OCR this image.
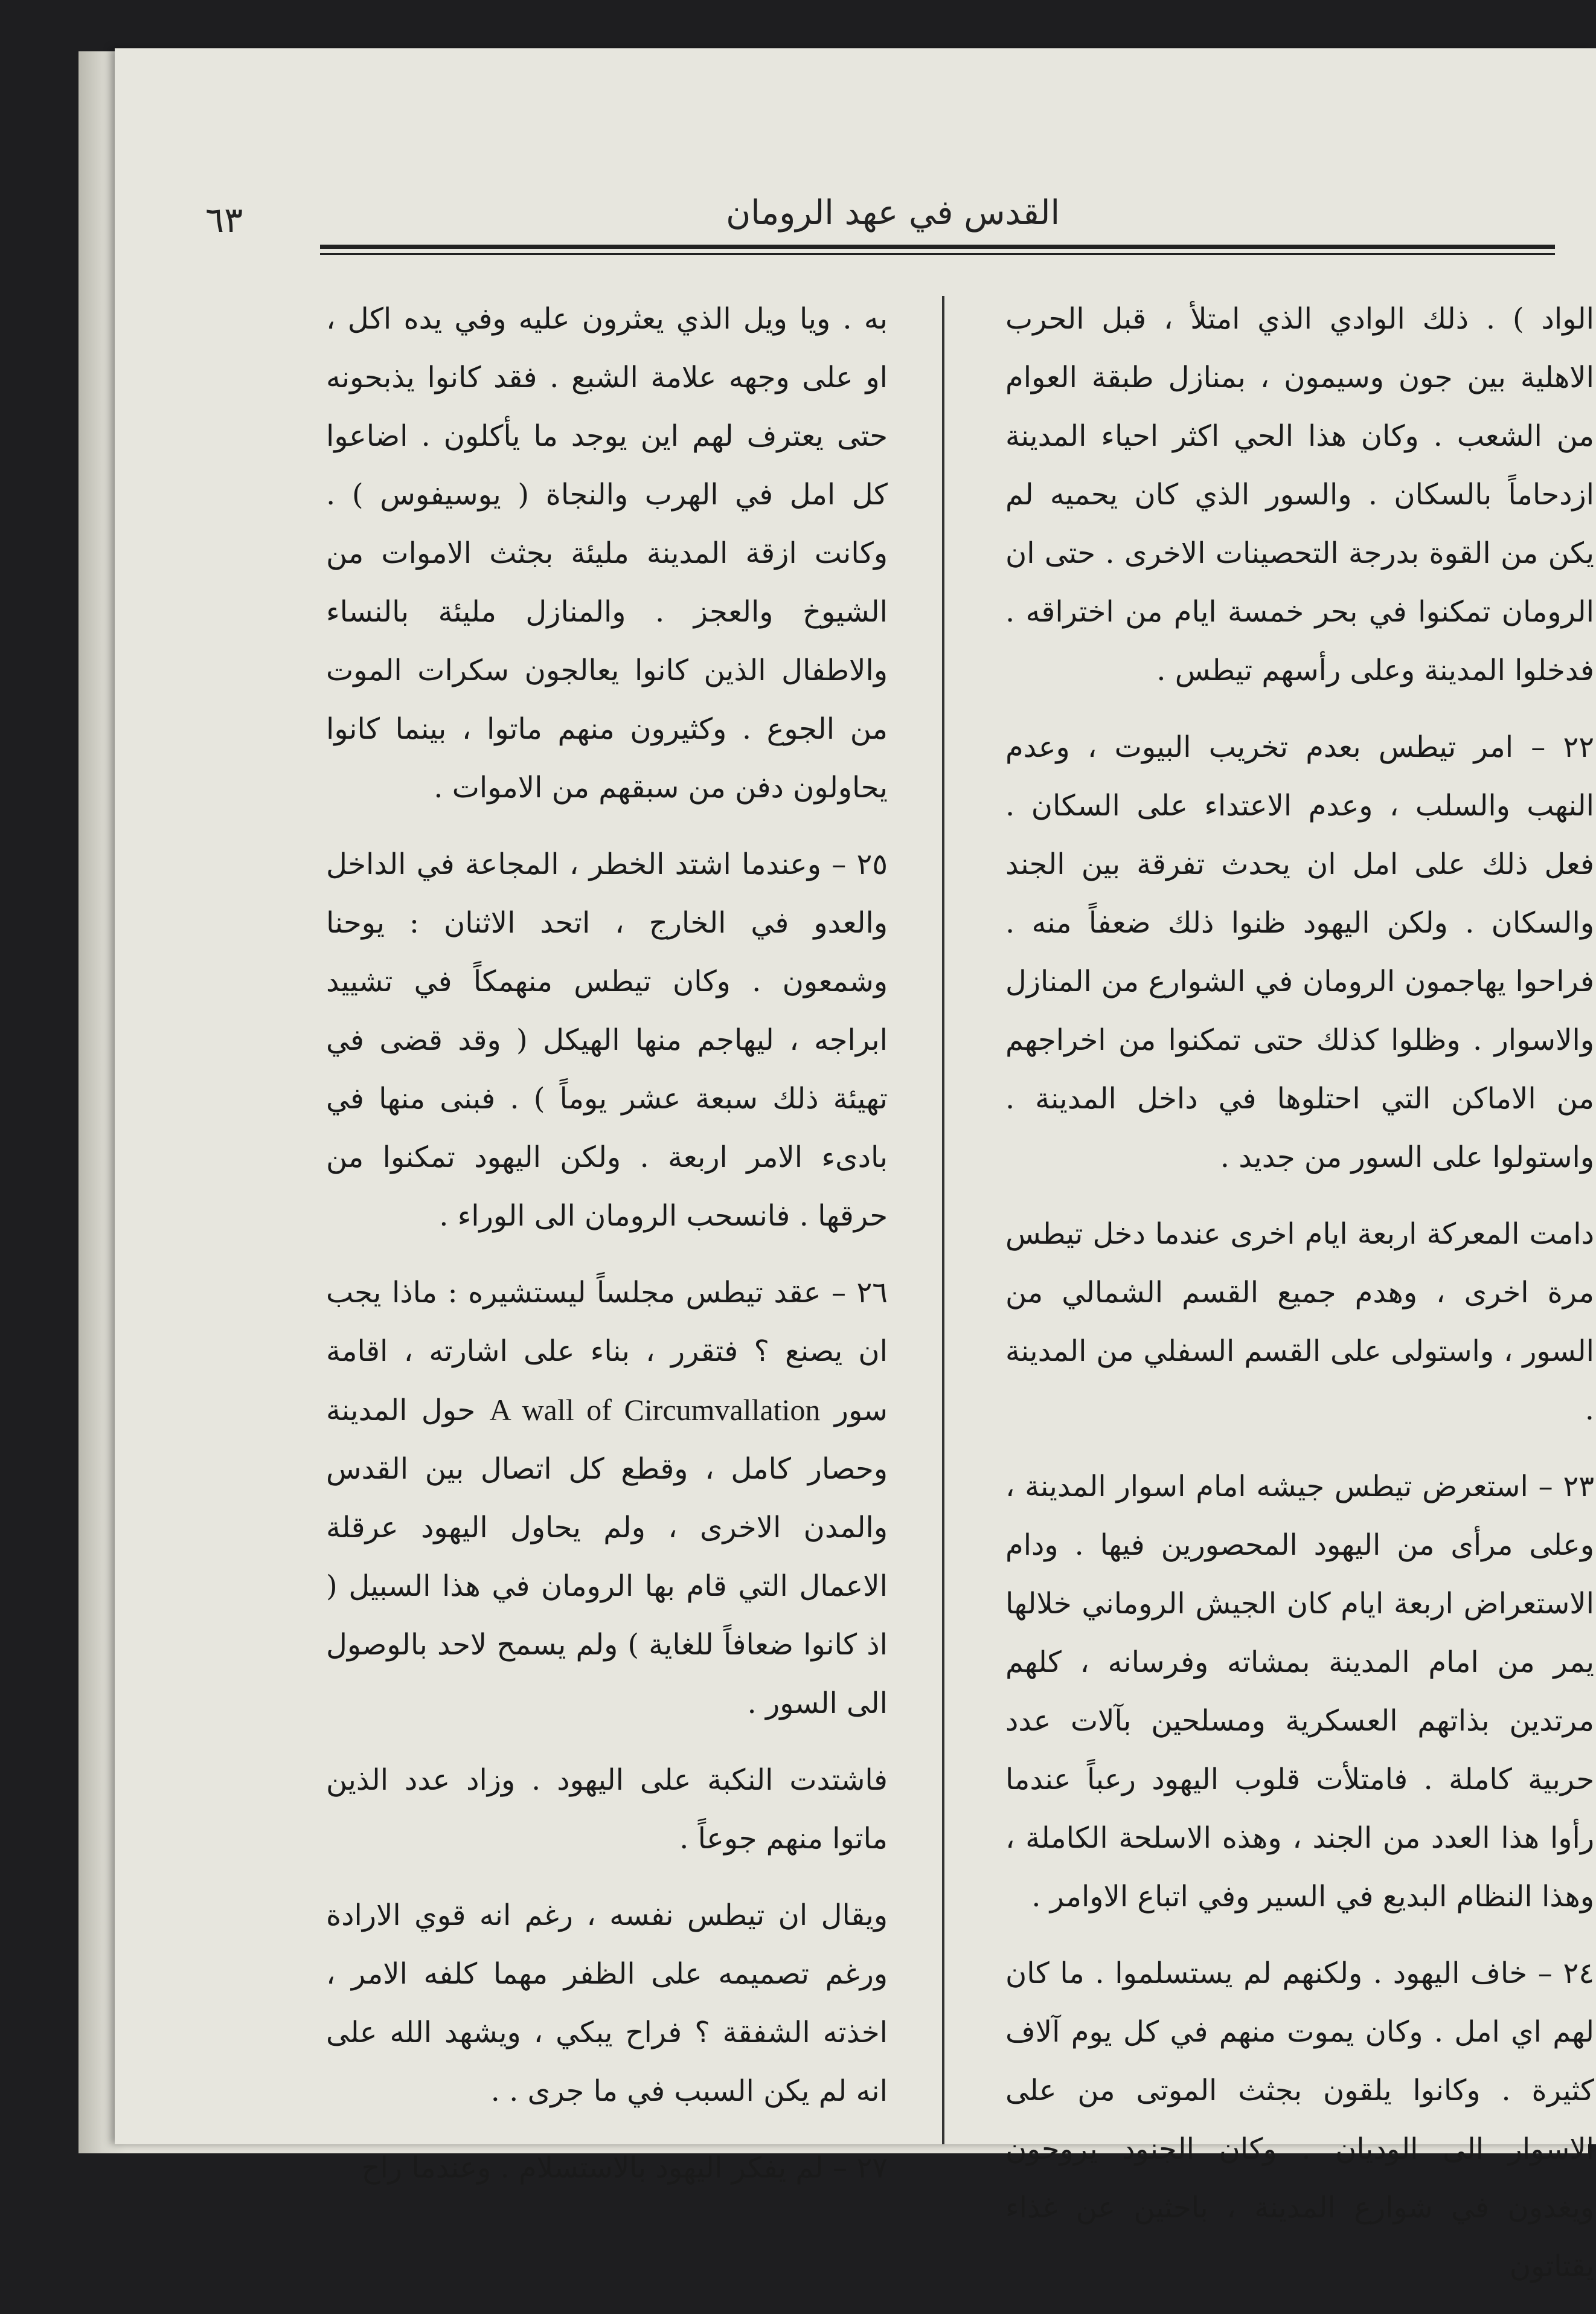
القدس في عهد الرومان
٦٣

الواد ) . ذلك الوادي الذي امتلأ ، قبل الحرب الاهلية بين جون وسيمون ، بمنازل طبقة العوام من الشعب . وكان هذا الحي اكثر احياء المدينة ازدحاماً بالسكان . والسور الذي كان يحميه لم يكن من القوة بدرجة التحصينات الاخرى . حتى ان الرومان تمكنوا في بحر خمسة ايام من اختراقه . فدخلوا المدينة وعلى رأسهم تيطس .

٢٢ – امر تيطس بعدم تخريب البيوت ، وعدم النهب والسلب ، وعدم الاعتداء على السكان . فعل ذلك على امل ان يحدث تفرقة بين الجند والسكان . ولكن اليهود ظنوا ذلك ضعفاً منه . فراحوا يهاجمون الرومان في الشوارع من المنازل والاسوار . وظلوا كذلك حتى تمكنوا من اخراجهم من الاماكن التي احتلوها في داخل المدينة . واستولوا على السور من جديد .

دامت المعركة اربعة ايام اخرى عندما دخل تيطس مرة اخرى ، وهدم جميع القسم الشمالي من السور ، واستولى على القسم السفلي من المدينة .

٢٣ – استعرض تيطس جيشه امام اسوار المدينة ، وعلى مرأى من اليهود المحصورين فيها . ودام الاستعراض اربعة ايام كان الجيش الروماني خلالها يمر من امام المدينة بمشاته وفرسانه ، كلهم مرتدين بذاتهم العسكرية ومسلحين بآلات عدد حربية كاملة . فامتلأت قلوب اليهود رعباً عندما رأوا هذا العدد من الجند ، وهذه الاسلحة الكاملة ، وهذا النظام البديع في السير وفي اتباع الاوامر .

٢٤ – خاف اليهود . ولكنهم لم يستسلموا . ما كان لهم اي امل . وكان يموت منهم في كل يوم آلاف كثيرة . وكانوا يلقون بجثث الموتى من على الاسوار الى الوديان . وكان الجنود يروحون ويغدون في شوارع المدينة ، باحثين عن غذاء يقتاتون

به . ويا ويل الذي يعثرون عليه وفي يده اكل ، او على وجهه علامة الشبع . فقد كانوا يذبحونه حتى يعترف لهم اين يوجد ما يأكلون . اضاعوا كل امل في الهرب والنجاة ( يوسيفوس ) . وكانت ازقة المدينة مليئة بجثث الاموات من الشيوخ والعجز . والمنازل مليئة بالنساء والاطفال الذين كانوا يعالجون سكرات الموت من الجوع . وكثيرون منهم ماتوا ، بينما كانوا يحاولون دفن من سبقهم من الاموات .

٢٥ – وعندما اشتد الخطر ، المجاعة في الداخل والعدو في الخارج ، اتحد الاثنان : يوحنا وشمعون . وكان تيطس منهمكاً في تشييد ابراجه ، ليهاجم منها الهيكل ( وقد قضى في تهيئة ذلك سبعة عشر يوماً ) . فبنى منها في بادىء الامر اربعة . ولكن اليهود تمكنوا من حرقها . فانسحب الرومان الى الوراء .

٢٦ – عقد تيطس مجلساً ليستشيره : ماذا يجب ان يصنع ؟ فتقرر ، بناء على اشارته ، اقامة سور A wall of Circumvallation حول المدينة وحصار كامل ، وقطع كل اتصال بين القدس والمدن الاخرى ، ولم يحاول اليهود عرقلة الاعمال التي قام بها الرومان في هذا السبيل ( اذ كانوا ضعافاً للغاية ) ولم يسمح لاحد بالوصول الى السور .

فاشتدت النكبة على اليهود . وزاد عدد الذين ماتوا منهم جوعاً .

ويقال ان تيطس نفسه ، رغم انه قوي الارادة ورغم تصميمه على الظفر مهما كلفه الامر ، اخذته الشفقة ؟ فراح يبكي ، ويشهد الله على انه لم يكن السبب في ما جرى . .

٢٧ – لم يفكر اليهود بالاستسلام . وعندما راح
